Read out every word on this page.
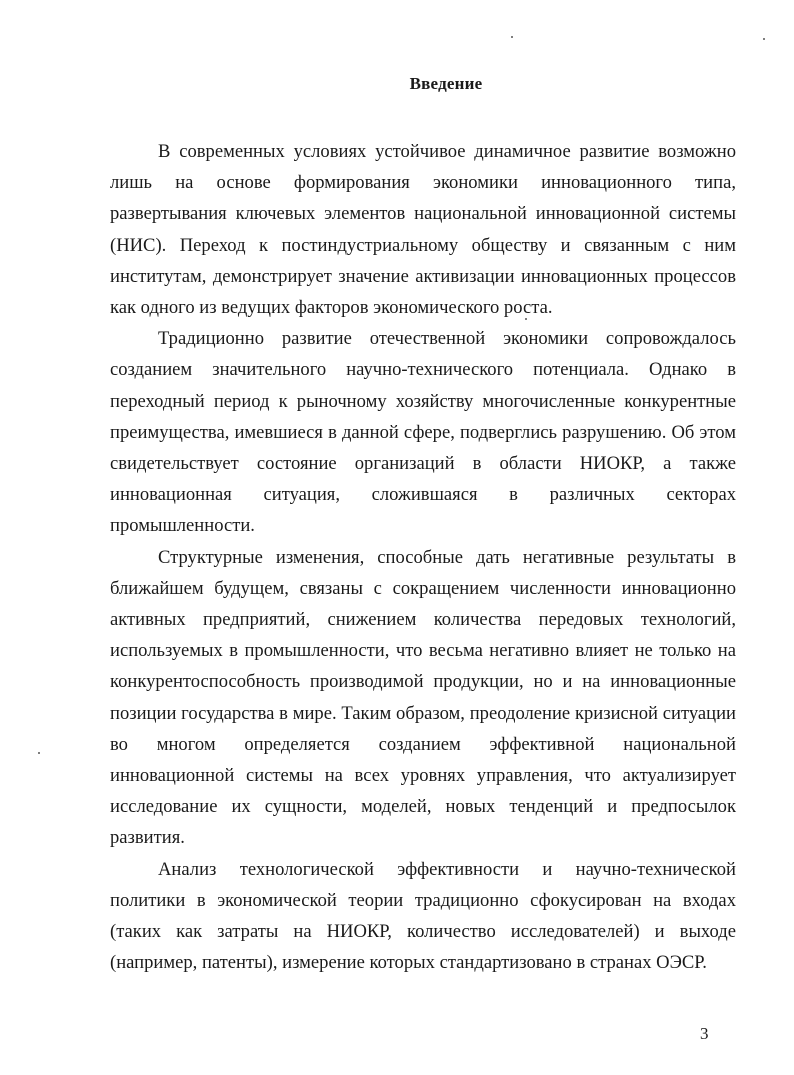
Введение

В современных условиях устойчивое динамичное развитие возможно лишь на основе формирования экономики инновационного типа, развертывания ключевых элементов национальной инновационной системы (НИС). Переход к постиндустриальному обществу и связанным с ним институтам, демонстрирует значение активизации инновационных процессов как одного из ведущих факторов экономического роста.

Традиционно развитие отечественной экономики сопровождалось созданием значительного научно-технического потенциала. Однако в переходный период к рыночному хозяйству многочисленные конкурентные преимущества, имевшиеся в данной сфере, подверглись разрушению. Об этом свидетельствует состояние организаций в области НИОКР, а также инновационная ситуация, сложившаяся в различных секторах промышленности.

Структурные изменения, способные дать негативные результаты в ближайшем будущем, связаны с сокращением численности инновационно активных предприятий, снижением количества передовых технологий, используемых в промышленности, что весьма негативно влияет не только на конкурентоспособность производимой продукции, но и на инновационные позиции государства в мире. Таким образом, преодоление кризисной ситуации во многом определяется созданием эффективной национальной инновационной системы на всех уровнях управления, что актуализирует исследование их сущности, моделей, новых тенденций и предпосылок развития.

Анализ технологической эффективности и научно-технической политики в экономической теории традиционно сфокусирован на входах (таких как затраты на НИОКР, количество исследователей) и выходе (например, патенты), измерение которых стандартизовано в странах ОЭСР.

3
